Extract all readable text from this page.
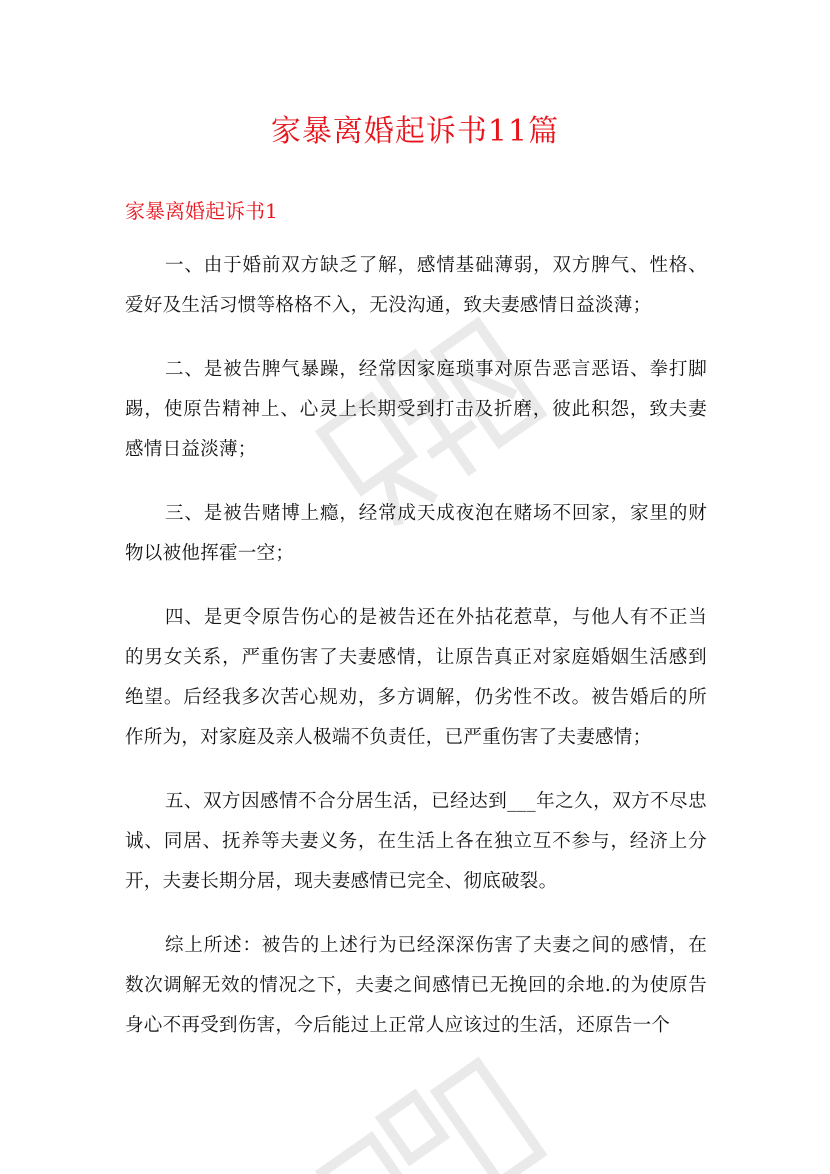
家暴离婚起诉书11篇
家暴离婚起诉书1

一、由于婚前双方缺乏了解，感情基础薄弱，双方脾气、性格、爱好及生活习惯等格格不入，无没沟通，致夫妻感情日益淡薄；

二、是被告脾气暴躁，经常因家庭琐事对原告恶言恶语、拳打脚踢，使原告精神上、心灵上长期受到打击及折磨，彼此积怨，致夫妻感情日益淡薄；

三、是被告赌博上瘾，经常成天成夜泡在赌场不回家，家里的财物以被他挥霍一空；

四、是更令原告伤心的是被告还在外拈花惹草，与他人有不正当的男女关系，严重伤害了夫妻感情，让原告真正对家庭婚姻生活感到绝望。后经我多次苦心规劝，多方调解，仍劣性不改。被告婚后的所作所为，对家庭及亲人极端不负责任，已严重伤害了夫妻感情；

五、双方因感情不合分居生活，已经达到___年之久，双方不尽忠诚、同居、抚养等夫妻义务，在生活上各在独立互不参与，经济上分开，夫妻长期分居，现夫妻感情已完全、彻底破裂。

综上所述：被告的上述行为已经深深伤害了夫妻之间的感情，在数次调解无效的情况之下，夫妻之间感情已无挽回的余地.的为使原告身心不再受到伤害，今后能过上正常人应该过的生活，还原告一个
